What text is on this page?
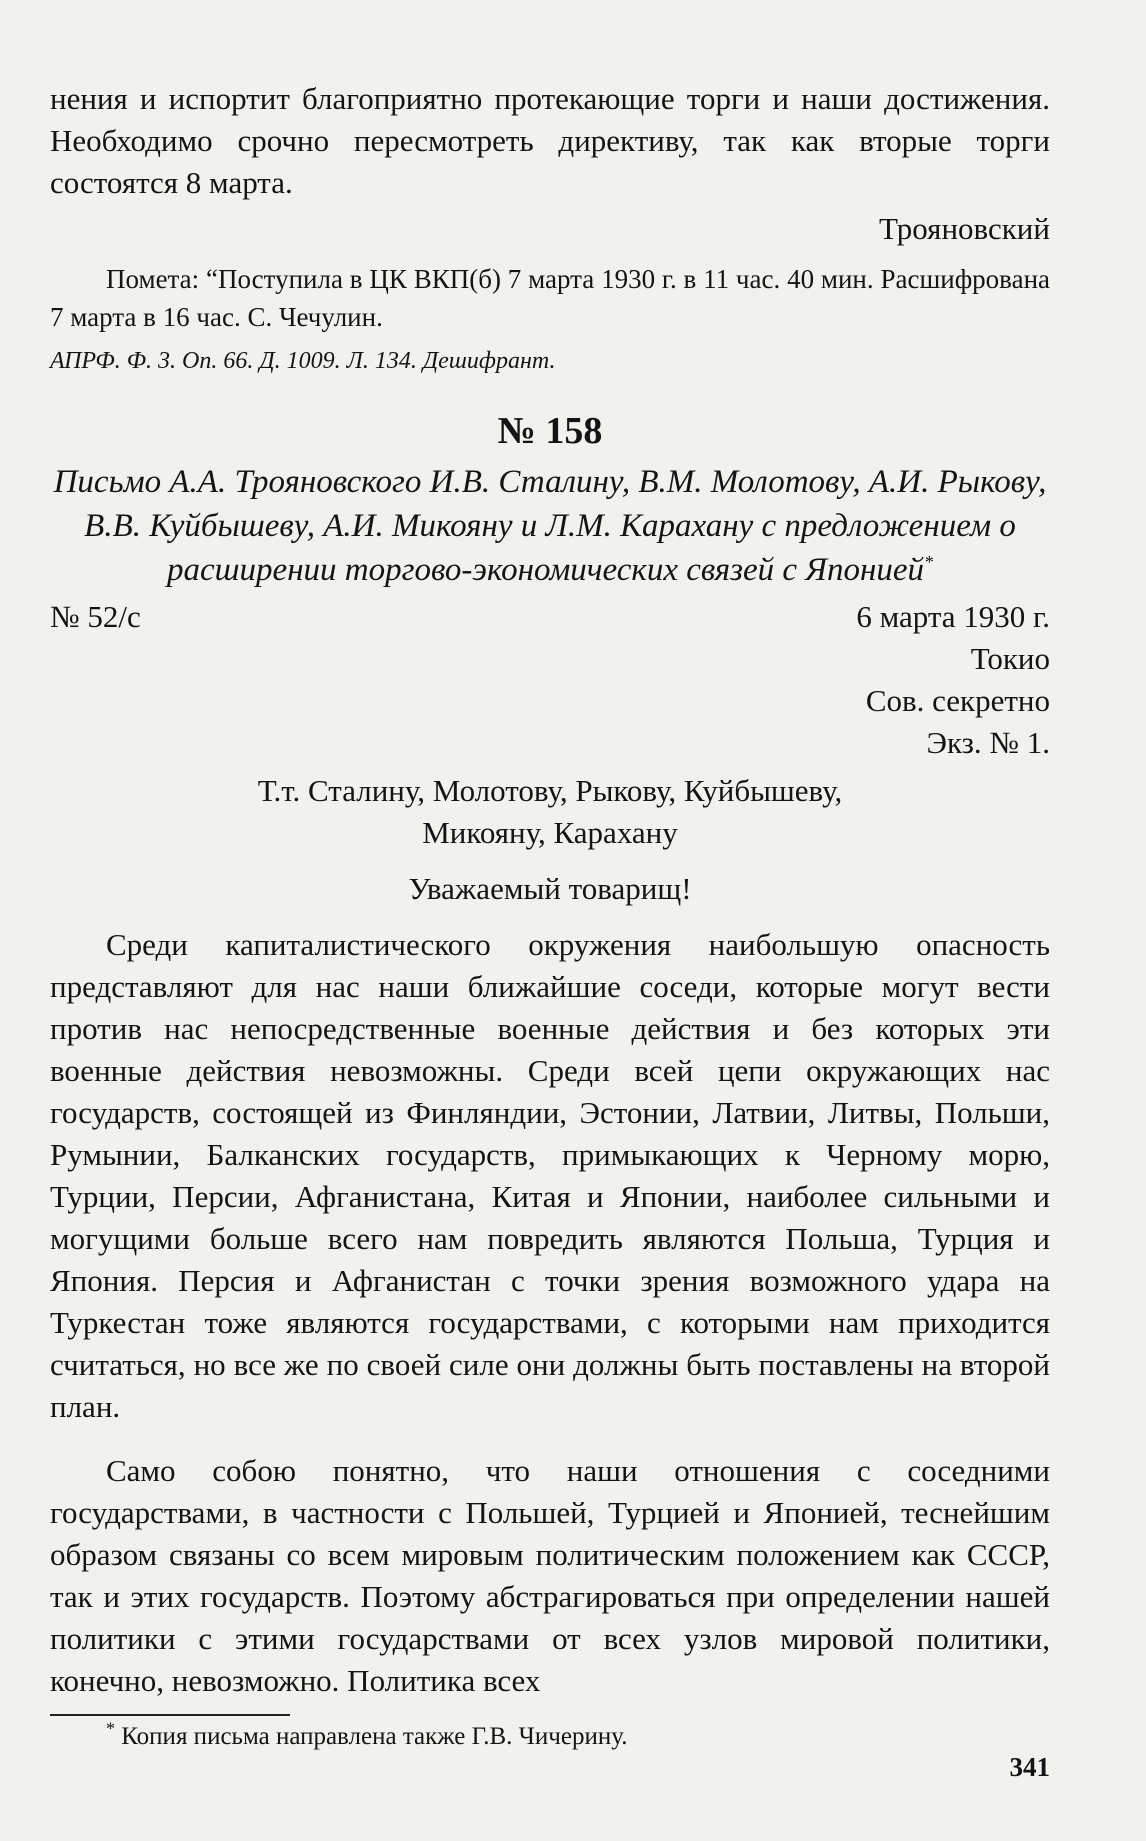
нения и испортит благоприятно протекающие торги и наши достижения. Необходимо срочно пересмотреть директиву, так как вторые торги состоятся 8 марта.

Трояновский

Помета: “Поступила в ЦК ВКП(б) 7 марта 1930 г. в 11 час. 40 мин. Расшифрована 7 марта в 16 час. С. Чечулин.

АПРФ. Ф. 3. Оп. 66. Д. 1009. Л. 134. Дешифрант.

№ 158

Письмо А.А. Трояновского И.В. Сталину, В.М. Молотову, А.И. Рыкову, В.В. Куйбышеву, А.И. Микояну и Л.М. Карахану с предложением о расширении торгово-экономических связей с Японией*

№ 52/с	6 марта 1930 г.

Токио

Сов. секретно

Экз. № 1.

Т.т. Сталину, Молотову, Рыкову, Куйбышеву,

Микояну, Карахану

Уважаемый товарищ!

Среди капиталистического окружения наибольшую опасность представляют для нас наши ближайшие соседи, которые могут вести против нас непосредственные военные действия и без которых эти военные действия невозможны. Среди всей цепи окружающих нас государств, состоящей из Финляндии, Эстонии, Латвии, Литвы, Польши, Румынии, Балканских государств, примыкающих к Черному морю, Турции, Персии, Афганистана, Китая и Японии, наиболее сильными и могущими больше всего нам повредить являются Польша, Турция и Япония. Персия и Афганистан с точки зрения возможного удара на Туркестан тоже являются государствами, с которыми нам приходится считаться, но все же по своей силе они должны быть поставлены на второй план.

Само собою понятно, что наши отношения с соседними государствами, в частности с Польшей, Турцией и Японией, теснейшим образом связаны со всем мировым политическим положением как СССР, так и этих государств. Поэтому абстрагироваться при определении нашей политики с этими государствами от всех узлов мировой политики, конечно, невозможно. Политика всех

* Копия письма направлена также Г.В. Чичерину.

341
